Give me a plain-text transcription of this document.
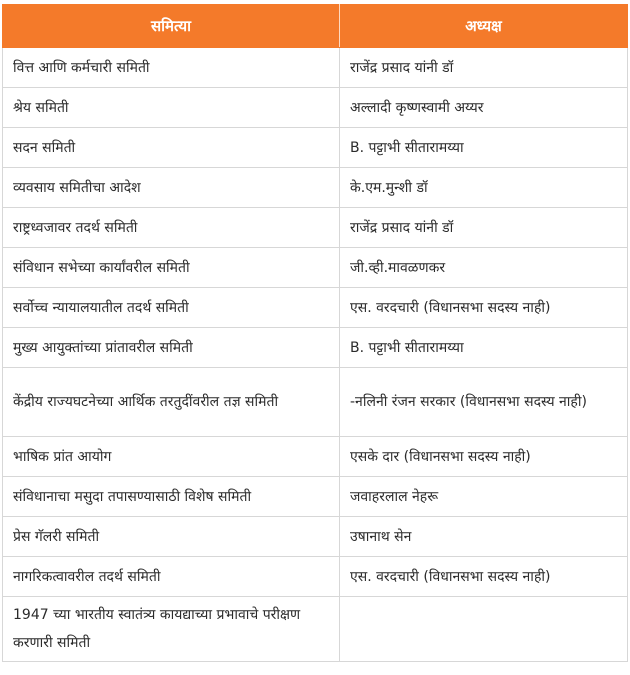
समित्या	अध्यक्ष
वित्त आणि कर्मचारी समिती	राजेंद्र प्रसाद यांनी डॉ
श्रेय समिती	अल्लादी कृष्णस्वामी अय्यर
सदन समिती	B. पट्टाभी सीतारामय्या
व्यवसाय समितीचा आदेश	के.एम.मुन्शी डॉ
राष्ट्रध्वजावर तदर्थ समिती	राजेंद्र प्रसाद यांनी डॉ
संविधान सभेच्या कार्यांवरील समिती	जी.व्ही.मावळणकर
सर्वोच्च न्यायालयातील तदर्थ समिती	एस. वरदचारी (विधानसभा सदस्य नाही)
मुख्य आयुक्तांच्या प्रांतावरील समिती	B. पट्टाभी सीतारामय्या
केंद्रीय राज्यघटनेच्या आर्थिक तरतुदींवरील तज्ञ समिती	-नलिनी रंजन सरकार (विधानसभा सदस्य नाही)
भाषिक प्रांत आयोग	एसके दार (विधानसभा सदस्य नाही)
संविधानाचा मसुदा तपासण्यासाठी विशेष समिती	जवाहरलाल नेहरू
प्रेस गॅलरी समिती	उषानाथ सेन
नागरिकत्वावरील तदर्थ समिती	एस. वरदचारी (विधानसभा सदस्य नाही)
1947 च्या भारतीय स्वातंत्र्य कायद्याच्या प्रभावाचे परीक्षण करणारी समिती	
